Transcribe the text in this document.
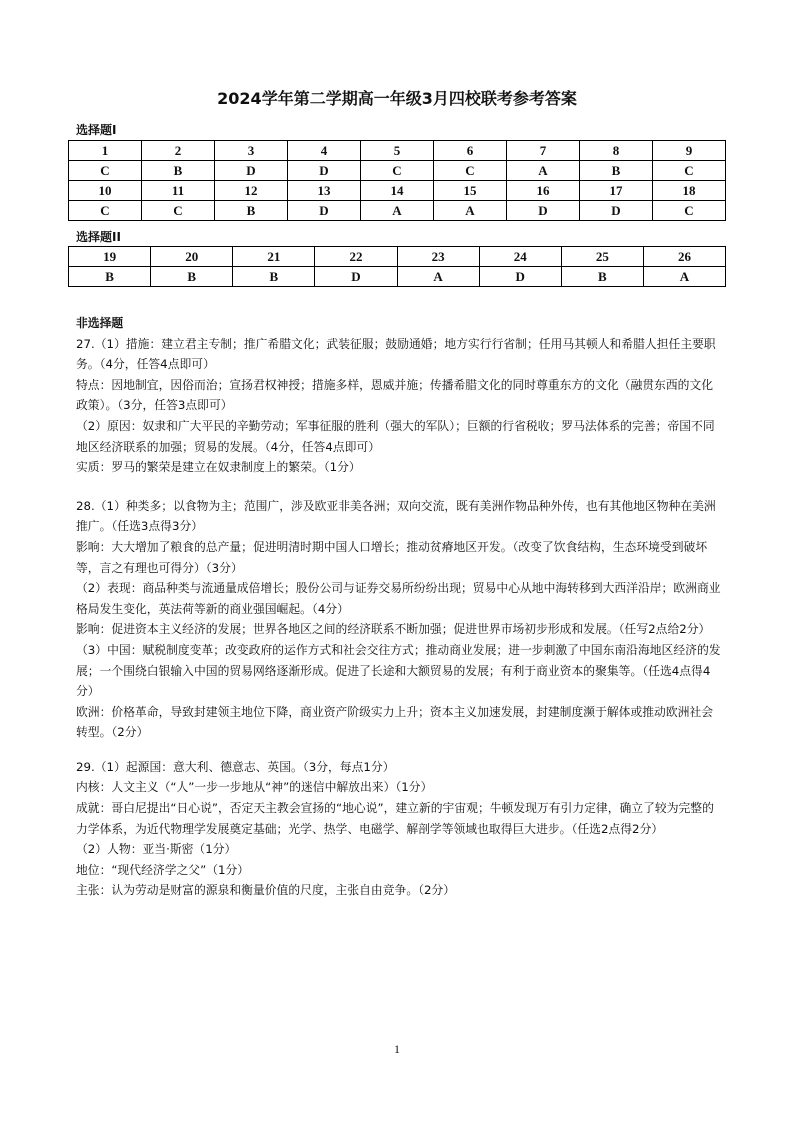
2024学年第二学期高一年级3月四校联考参考答案

选择题Ⅰ

1	2	3	4	5	6	7	8	9
C	B	D	D	C	C	A	B	C
10	11	12	13	14	15	16	17	18
C	C	B	D	A	A	D	D	C

选择题II

19	20	21	22	23	24	25	26
B	B	B	D	A	D	B	A

非选择题

27.（1）措施：建立君主专制；推广希腊文化；武装征服；鼓励通婚；地方实行行省制；任用马其顿人和希腊人担任主要职务。（4分，任答4点即可）

特点：因地制宜，因俗而治；宣扬君权神授；措施多样，恩威并施；传播希腊文化的同时尊重东方的文化（融贯东西的文化政策）。（3分，任答3点即可）

（2）原因：奴隶和广大平民的辛勤劳动；军事征服的胜利（强大的军队）；巨额的行省税收；罗马法体系的完善；帝国不同地区经济联系的加强；贸易的发展。（4分，任答4点即可）

实质：罗马的繁荣是建立在奴隶制度上的繁荣。（1分）

28.（1）种类多；以食物为主；范围广，涉及欧亚非美各洲；双向交流，既有美洲作物品种外传，也有其他地区物种在美洲推广。（任选3点得3分）

影响：大大增加了粮食的总产量；促进明清时期中国人口增长；推动贫瘠地区开发。（改变了饮食结构，生态环境受到破坏等，言之有理也可得分）（3分）

（2）表现：商品种类与流通量成倍增长；股份公司与证券交易所纷纷出现；贸易中心从地中海转移到大西洋沿岸；欧洲商业格局发生变化，英法荷等新的商业强国崛起。（4分）

影响：促进资本主义经济的发展；世界各地区之间的经济联系不断加强；促进世界市场初步形成和发展。（任写2点给2分）

（3）中国：赋税制度变革；改变政府的运作方式和社会交往方式；推动商业发展；进一步刺激了中国东南沿海地区经济的发展；一个围绕白银输入中国的贸易网络逐渐形成。促进了长途和大额贸易的发展；有利于商业资本的聚集等。（任选4点得4分）

欧洲：价格革命，导致封建领主地位下降，商业资产阶级实力上升；资本主义加速发展，封建制度濒于解体或推动欧洲社会转型。（2分）

29.（1）起源国：意大利、德意志、英国。（3分，每点1分）

内核：人文主义（“人”一步一步地从“神”的迷信中解放出来）（1分）

成就：哥白尼提出“日心说”，否定天主教会宣扬的“地心说”，建立新的宇宙观；牛顿发现万有引力定律，确立了较为完整的力学体系，为近代物理学发展奠定基础；光学、热学、电磁学、解剖学等领域也取得巨大进步。（任选2点得2分）

（2）人物：亚当·斯密（1分）

地位：“现代经济学之父”（1分）

主张：认为劳动是财富的源泉和衡量价值的尺度，主张自由竞争。（2分）

1
